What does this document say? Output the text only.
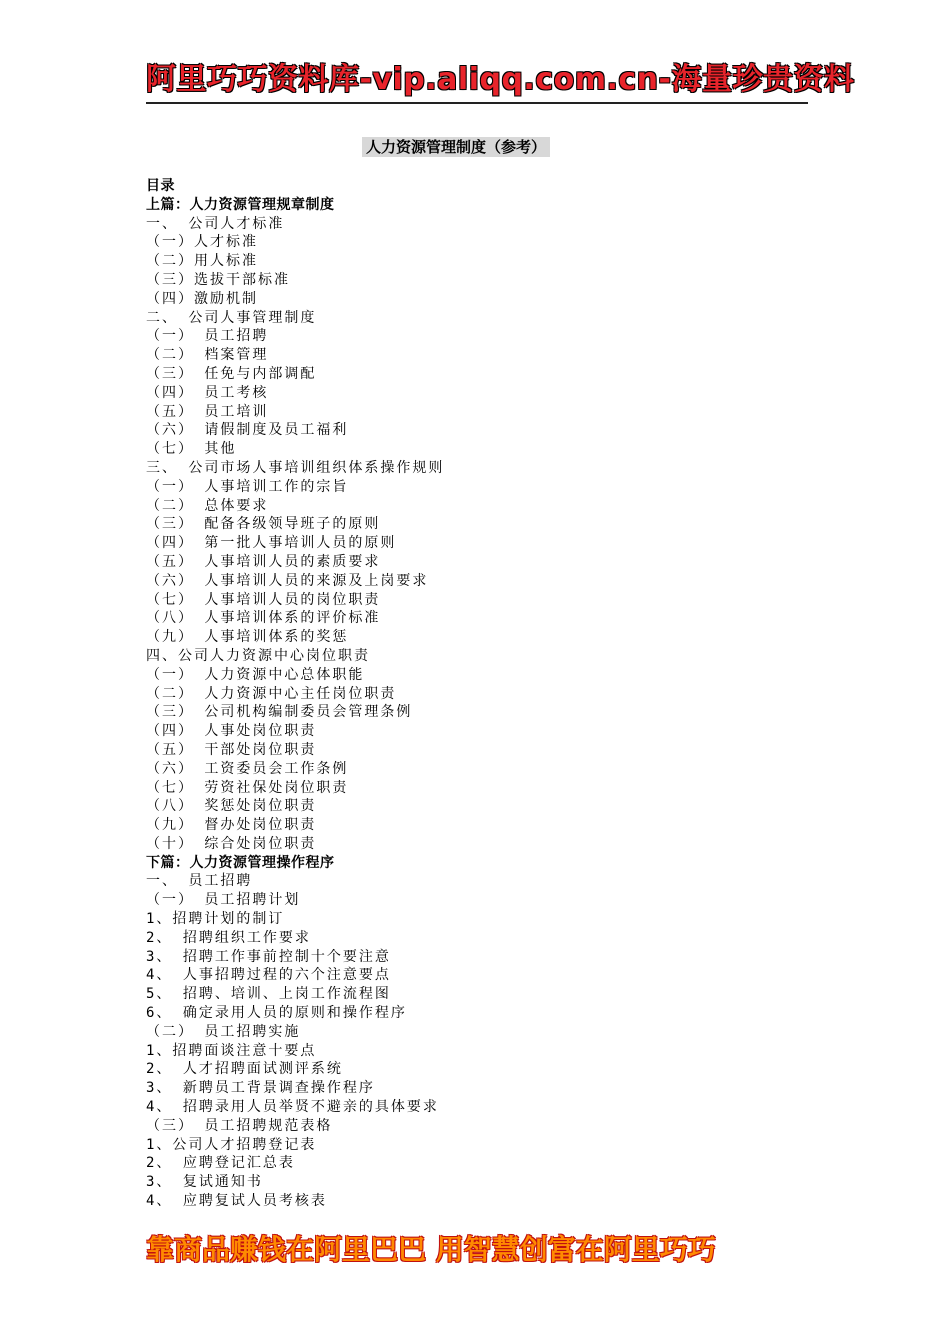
阿里巧巧资料库-vip.aliqq.com.cn-海量珍贵资料
人力资源管理制度（参考）
目录
上篇：人力资源管理规章制度
一、 公司人才标准
（一）人才标准
（二）用人标准
（三）选拔干部标准
（四）激励机制
二、 公司人事管理制度
（一） 员工招聘
（二） 档案管理
（三） 任免与内部调配
（四） 员工考核
（五） 员工培训
（六） 请假制度及员工福利
（七） 其他
三、 公司市场人事培训组织体系操作规则
（一） 人事培训工作的宗旨
（二） 总体要求
（三） 配备各级领导班子的原则
（四） 第一批人事培训人员的原则
（五） 人事培训人员的素质要求
（六） 人事培训人员的来源及上岗要求
（七） 人事培训人员的岗位职责
（八） 人事培训体系的评价标准
（九） 人事培训体系的奖惩
四、公司人力资源中心岗位职责
（一） 人力资源中心总体职能
（二） 人力资源中心主任岗位职责
（三） 公司机构编制委员会管理条例
（四） 人事处岗位职责
（五） 干部处岗位职责
（六） 工资委员会工作条例
（七） 劳资社保处岗位职责
（八） 奖惩处岗位职责
（九） 督办处岗位职责
（十） 综合处岗位职责
下篇：人力资源管理操作程序
一、 员工招聘
（一） 员工招聘计划
1、招聘计划的制订
2、 招聘组织工作要求
3、 招聘工作事前控制十个要注意
4、 人事招聘过程的六个注意要点
5、 招聘、培训、上岗工作流程图
6、 确定录用人员的原则和操作程序
（二） 员工招聘实施
1、招聘面谈注意十要点
2、 人才招聘面试测评系统
3、 新聘员工背景调查操作程序
4、 招聘录用人员举贤不避亲的具体要求
（三） 员工招聘规范表格
1、公司人才招聘登记表
2、 应聘登记汇总表
3、 复试通知书
4、 应聘复试人员考核表
靠商品赚钱在阿里巴巴 用智慧创富在阿里巧巧
